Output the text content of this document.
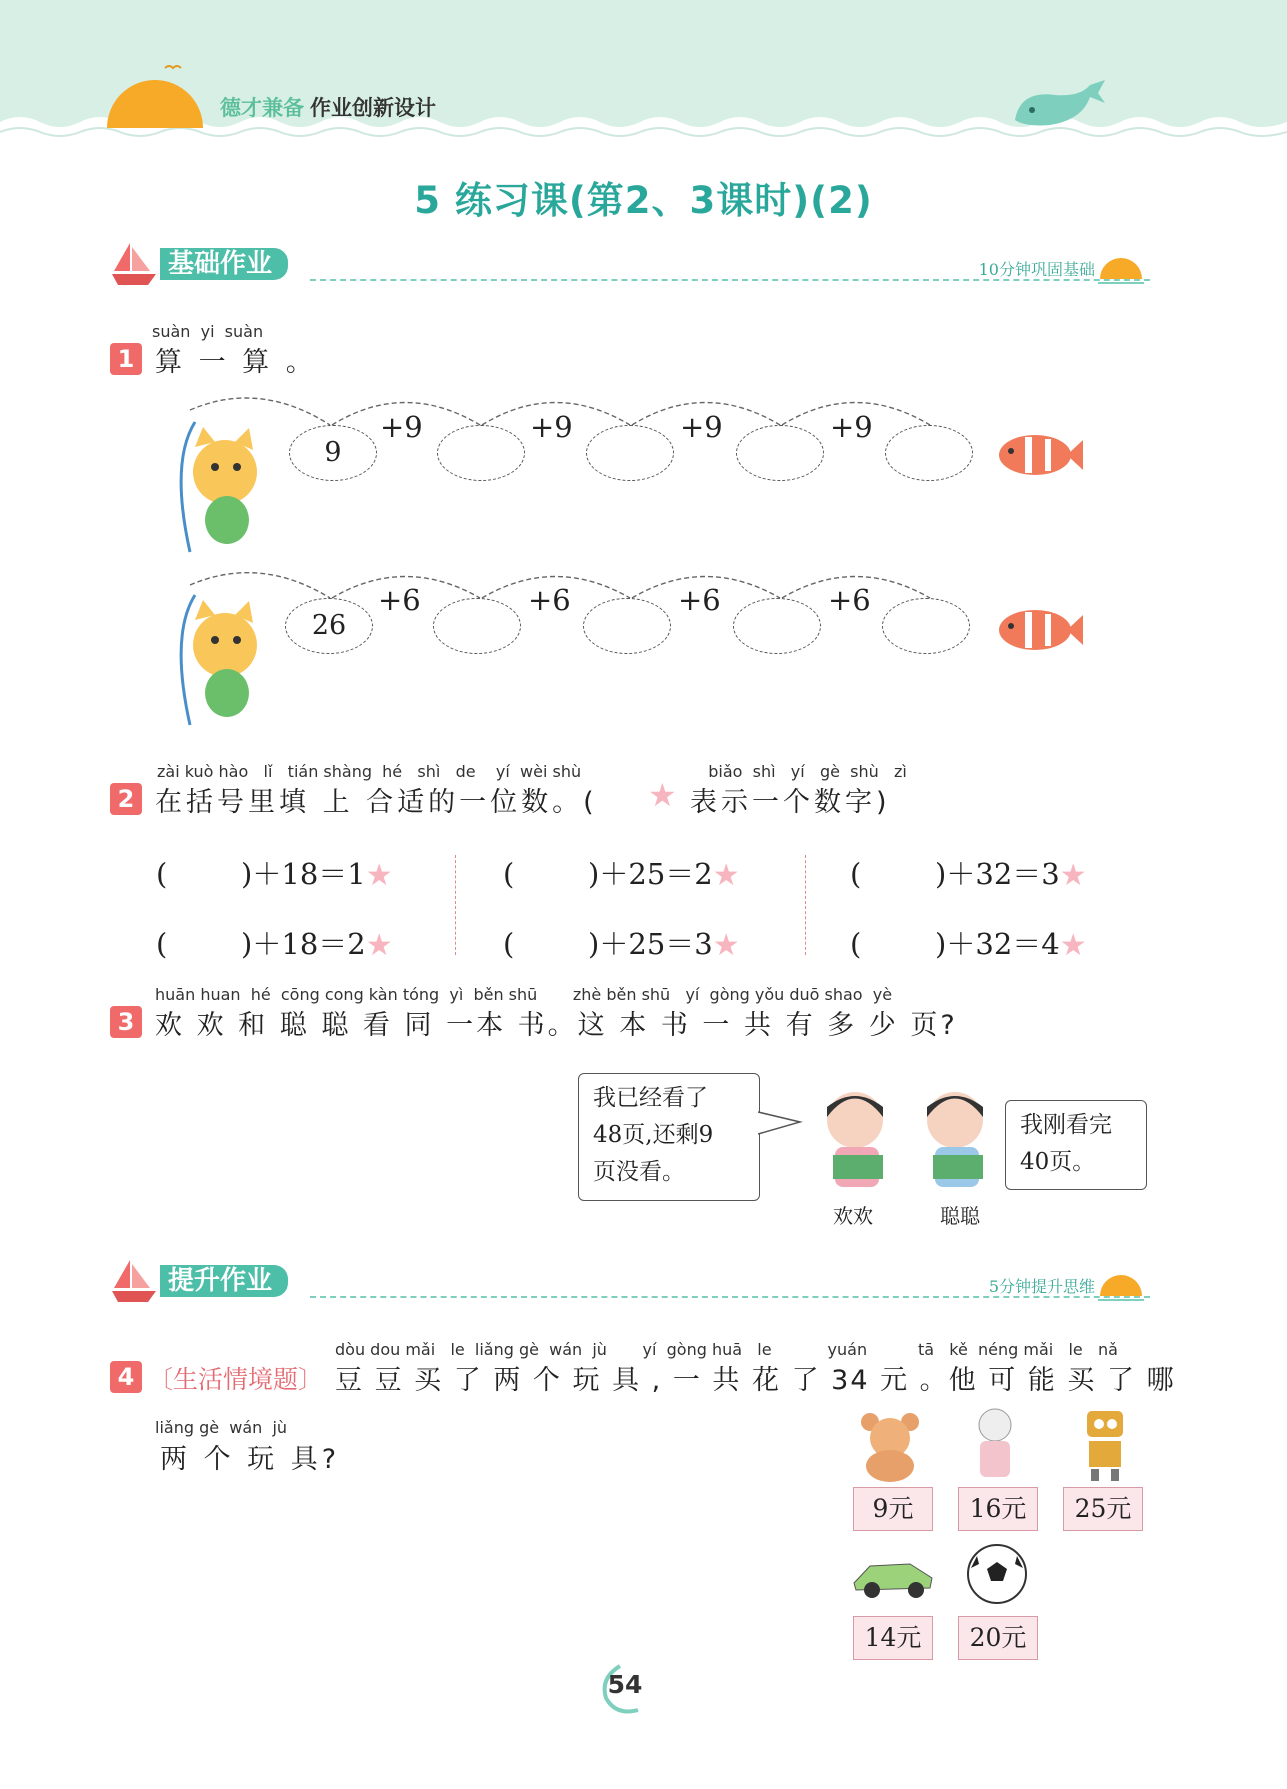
德才兼备 作业创新设计
5 练习课(第2、3课时)(2)
基础作业	10分钟巩固基础
suàn  yi  suàn
1 算 一 算 。
9
+9	+9	+9	+9
26
+6	+6	+6	+6
zài kuò hào   lǐ   tián shàng  hé   shì   de    yí  wèi shù                         biǎo  shì   yí   gè  shù   zì
2 在括号里填 上 合适的一位数。( ★ 表示一个数字)
(        )＋18＝1★	(        )＋25＝2★	(        )＋32＝3★
(        )＋18＝2★	(        )＋25＝3★	(        )＋32＝4★
huān huan  hé  cōng cong kàn tóng  yì  běn shū       zhè běn shū   yí  gòng yǒu duō shao  yè
3 欢 欢 和 聪 聪 看 同 一本 书。这 本 书 一 共 有 多 少 页?
我已经看了
48页,还剩9
页没看。
欢欢	聪聪
我刚看完
40页。
提升作业	5分钟提升思维
dòu dou mǎi   le  liǎng gè  wán  jù       yí  gòng huā   le           yuán          tā   kě  néng mǎi   le   nǎ
4 〔生活情境题〕 豆 豆 买 了 两 个 玩 具 , 一 共 花 了 34 元 。他 可 能 买 了 哪
liǎng gè  wán  jù
两 个 玩 具?
9元	16元	25元
14元	20元
54
